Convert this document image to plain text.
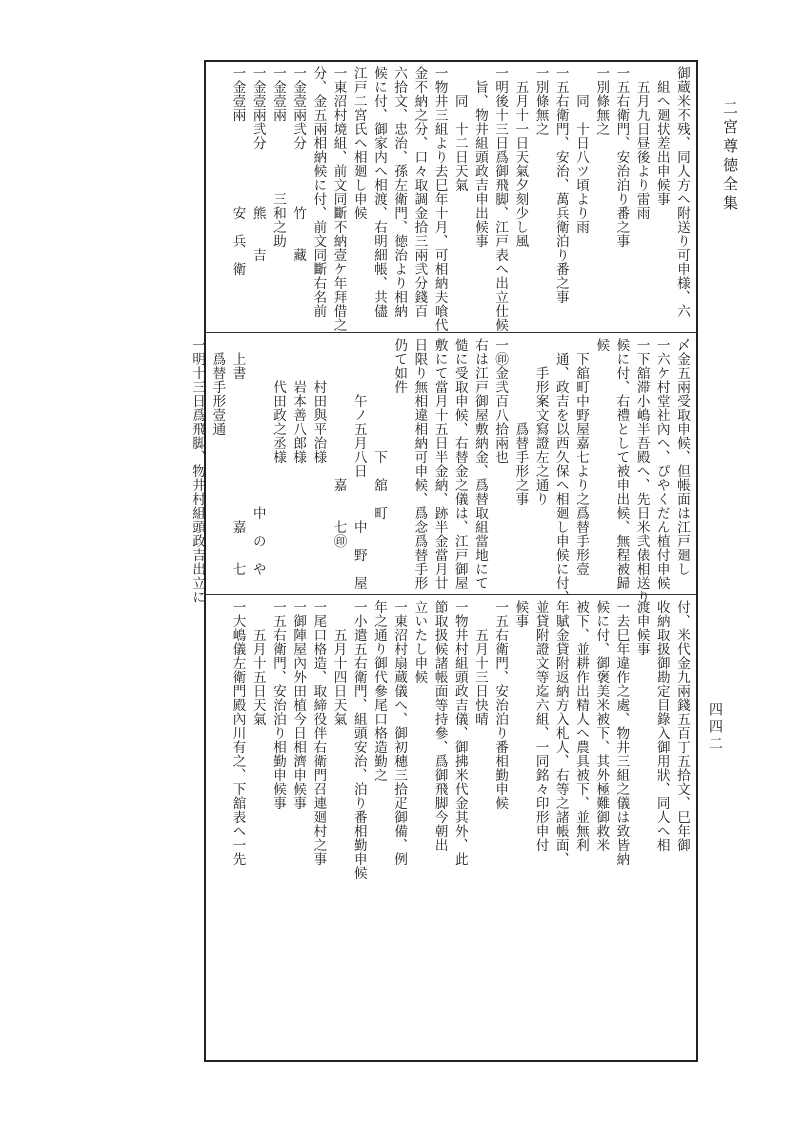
二宮尊徳全集
四四二
御蔵米不残、同人方へ附送り可申様、六
組へ廻状差出申候事
五月九日昼後より雷雨
一五右衛門、安治泊り番之事
一別條無之
同　十日八ツ頃より雨
一五右衛門、安治、萬兵衛泊り番之事
一別條無之
五月十一日天氣夕刻少し風
一明後十三日爲御飛脚、江戸表へ出立仕候
旨、物井組頭政吉申出候事
同　十二日天氣
一物井三組より去巳年十月、可相納夫喰代
金不納之分、口々取調金拾三兩弐分錢百
六拾文、忠治、孫左衛門、徳治より相納
候に付、御家内へ相渡、右明細帳、共儘
江戸二宮氏へ相廻し申候
一東沼村境組、前文同斷不納壹ケ年拜借之
分、金五兩相納候に付、前文同斷右名前
一金壹兩弐分　　　　竹　　藏
一金壹兩　　　　　三和之助
一金壹兩弐分　　　　熊　　吉
一金壹兩　　　　　　安　兵　衛
〆金五兩受取申候、但帳面は江戸廻し
一六ケ村堂社內へ、ぴやくだん植付申候
一下舘滞小嶋半吾殿へ、先日米弐俵相送り
候に付、右禮として被申出候、無程被歸
候
下舘町中野屋嘉七より之爲替手形壹
通、政吉を以西久保へ相廻し申候に付、
手形案文寫證左之通り
爲替手形之事
一㊞金弐百八拾兩也
右は江戸御屋敷納金、爲替取組當地にて
慥に受取申候、右替金之儀は、江戸御屋
敷にて當月十五日半金納、跡半金當月廿
日限り無相違相納可申候、爲念爲替手形
仍て如件
下　舘　町
午ノ五月八日　　　中　野　屋
嘉　　七㊞
村田與平治様
岩本善八郎様
代田政之丞様
中　の　や
上書　　　　　　　　　　嘉　　七
爲替手形壹通
一明十三日爲飛脚、物井村組頭政吉出立に
付、米代金九兩錢五百丁五拾文、巳年御
收納取扱御勘定目錄入御用狀、同人へ相
渡申候事
一去巳年違作之處、物井三組之儀は致皆納
候に付、御褒美米被下、其外極難御救米
被下、並耕作出精人へ農具被下、並無利
年賦金貸附返納方入札人、右等之諸帳面、
並貸附證文等迄六組、一同銘々印形申付
候事
一五右衛門、安治泊り番相勤申候
五月十三日快晴
一物井村組頭政吉儀、御拂米代金其外、此
節取扱候諸帳面等持參、爲御飛脚今朝出
立いたし申候
一東沼村扇蔵儀へ、御初穗三拾疋御備、例
年之通り御代參尾口格造勤之
一小遣五右衛門、組頭安治、泊り番相勤申候
五月十四日天氣
一尾口格造、取締役伴右衛門召連廻村之事
一御陣屋內外田植今日相濟申候事
一五右衛門、安治泊り相勤申候事
五月十五日天氣
一大嶋儀左衛門殿內川有之、下舘表へ一先
